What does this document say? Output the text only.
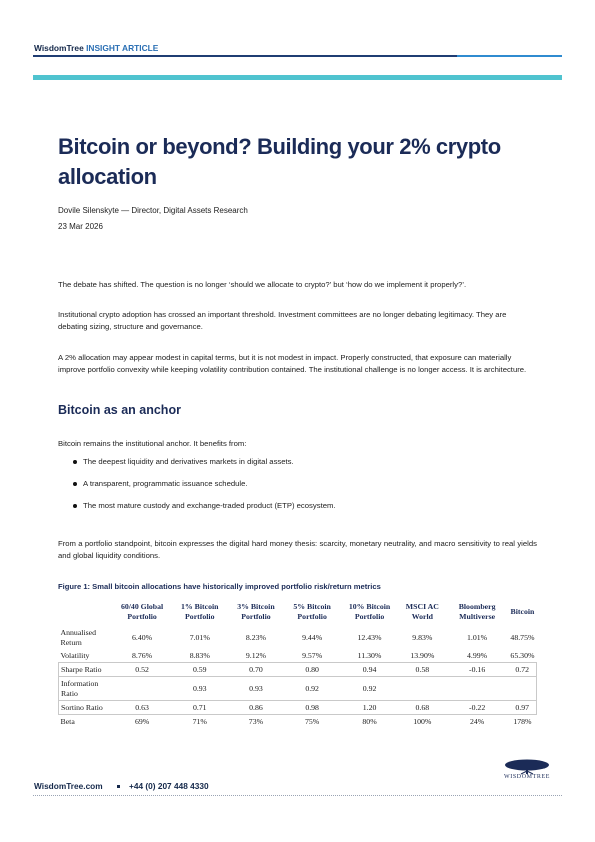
WisdomTree INSIGHT ARTICLE
Bitcoin or beyond? Building your 2% crypto allocation
Dovile Silenskyte — Director, Digital Assets Research
23 Mar 2026

The debate has shifted. The question is no longer ‘should we allocate to crypto?’ but ‘how do we implement it properly?’.

Institutional crypto adoption has crossed an important threshold. Investment committees are no longer debating legitimacy. They are debating sizing, structure and governance.

A 2% allocation may appear modest in capital terms, but it is not modest in impact. Properly constructed, that exposure can materially improve portfolio convexity while keeping volatility contribution contained. The institutional challenge is no longer access. It is architecture.

Bitcoin as an anchor

Bitcoin remains the institutional anchor. It benefits from:

The deepest liquidity and derivatives markets in digital assets.
A transparent, programmatic issuance schedule.
The most mature custody and exchange-traded product (ETP) ecosystem.

From a portfolio standpoint, bitcoin expresses the digital hard money thesis: scarcity, monetary neutrality, and macro sensitivity to real yields and global liquidity conditions.

Figure 1: Small bitcoin allocations have historically improved portfolio risk/return metrics
	60/40 Global Portfolio	1% Bitcoin Portfolio	3% Bitcoin Portfolio	5% Bitcoin Portfolio	10% Bitcoin Portfolio	MSCI AC World	Bloomberg Multiverse	Bitcoin
Annualised Return	6.40%	7.01%	8.23%	9.44%	12.43%	9.83%	1.01%	48.75%
Volatility	8.76%	8.83%	9.12%	9.57%	11.30%	13.90%	4.99%	65.30%
Sharpe Ratio	0.52	0.59	0.70	0.80	0.94	0.58	-0.16	0.72
Information Ratio		0.93	0.93	0.92	0.92			
Sortino Ratio	0.63	0.71	0.86	0.98	1.20	0.68	-0.22	0.97
Beta	69%	71%	73%	75%	80%	100%	24%	178%
WISDOMTREE
WisdomTree.com	+44 (0) 207 448 4330
